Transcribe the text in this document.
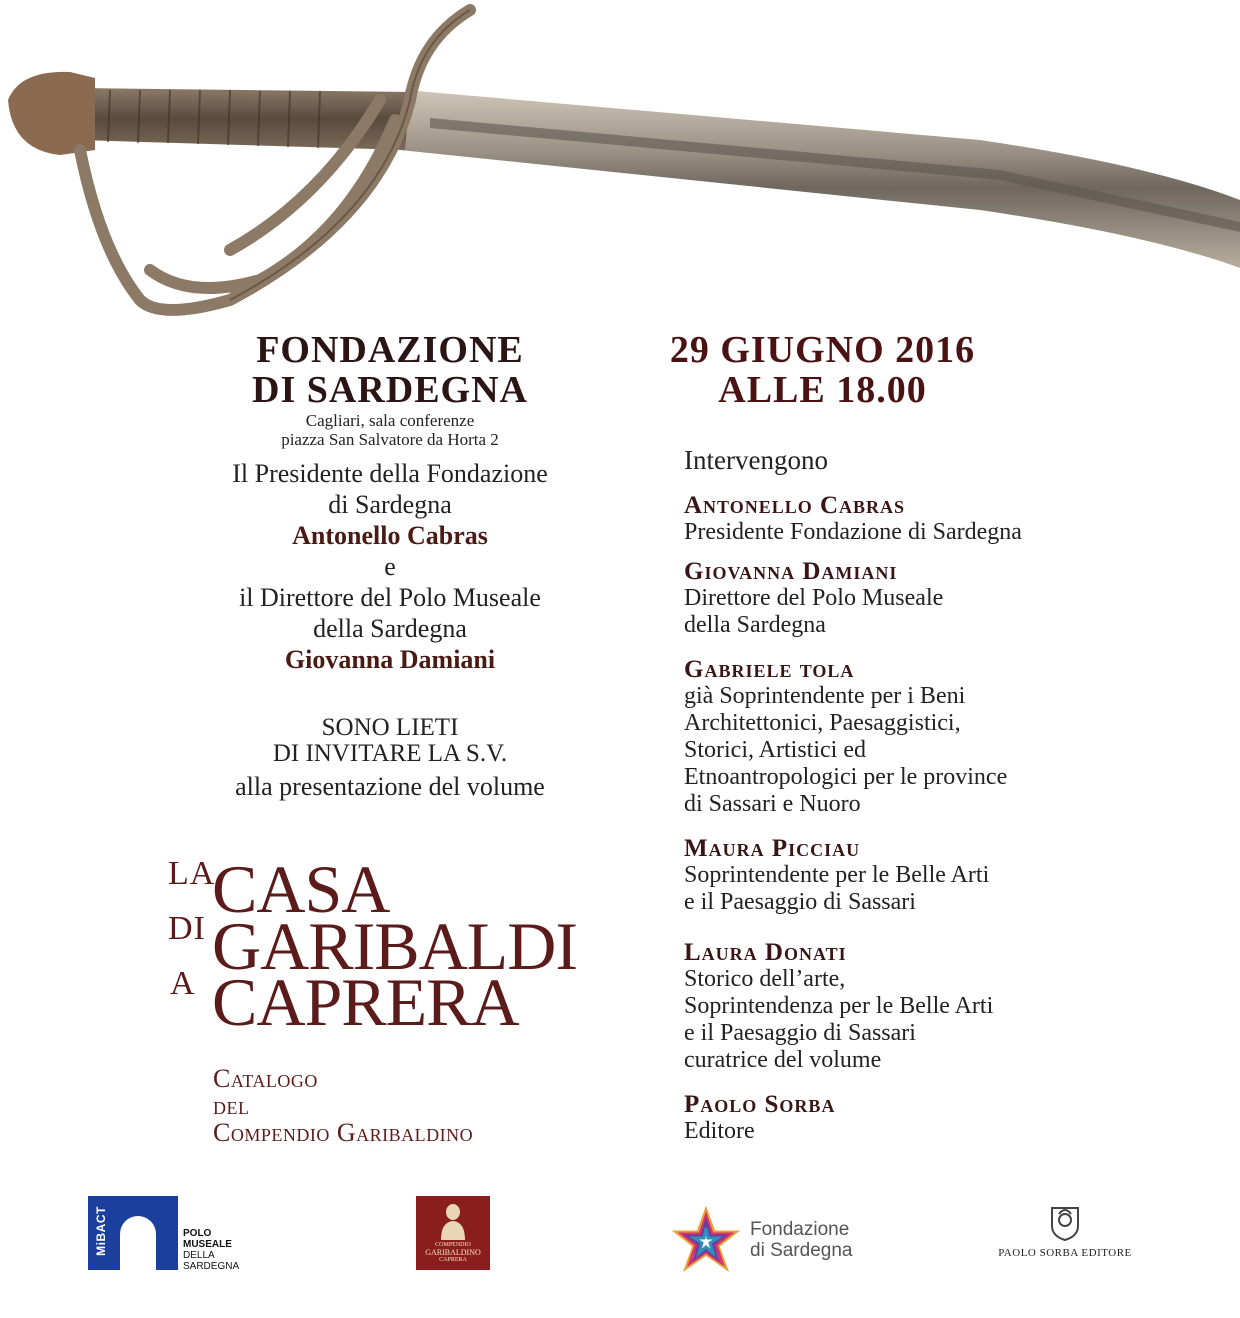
FONDAZIONE
DI SARDEGNA
Cagliari, sala conferenze
piazza San Salvatore da Horta 2
Il Presidente della Fondazione
di Sardegna
Antonello Cabras
e
il Direttore del Polo Museale
della Sardegna
Giovanna Damiani
SONO LIETI
DI INVITARE LA S.V.
alla presentazione del volume
LA
CASA
DI GARIBALDI
A CAPRERA
Catalogo
del
Compendio Garibaldino
29 GIUGNO 2016
ALLE 18.00
Intervengono
Antonello Cabras
Presidente Fondazione di Sardegna
Giovanna Damiani
Direttore del Polo Museale
della Sardegna
Gabriele tola
già Soprintendente per i Beni
Architettonici, Paesaggistici,
Storici, Artistici ed
Etnoantropologici per le province
di Sassari e Nuoro
Maura Picciau
Soprintendente per le Belle Arti
e il Paesaggio di Sassari
Laura Donati
Storico dell’arte,
Soprintendenza per le Belle Arti
e il Paesaggio di Sassari
curatrice del volume
Paolo Sorba
Editore
MiBACT	POLO
MUSEALE
DELLA
SARDEGNA
COMPENDIO
GARIBALDINO
CAPRERA
Fondazione
di Sardegna	PAOLO SORBA EDITORE
